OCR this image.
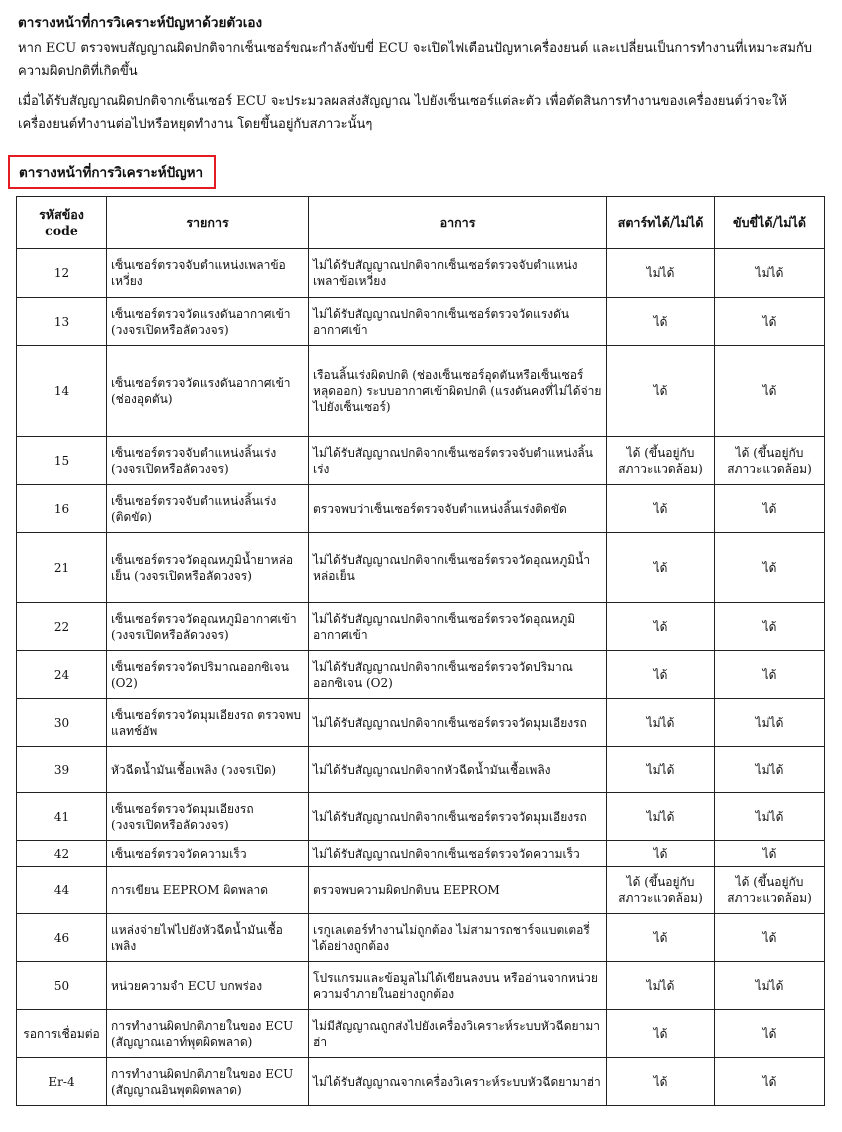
ตารางหน้าที่การวิเคราะห์ปัญหาด้วยตัวเอง

หาก ECU ตรวจพบสัญญาณผิดปกติจากเซ็นเซอร์ขณะกำลังขับขี่ ECU จะเปิดไฟเตือนปัญหาเครื่องยนต์ และเปลี่ยนเป็นการทำงานที่เหมาะสมกับความผิดปกติที่เกิดขึ้น

เมื่อได้รับสัญญาณผิดปกติจากเซ็นเซอร์ ECU จะประมวลผลส่งสัญญาณ ไปยังเซ็นเซอร์แต่ละตัว เพื่อตัดสินการทำงานของเครื่องยนต์ว่าจะให้เครื่องยนต์ทำงานต่อไปหรือหยุดทำงาน โดยขึ้นอยู่กับสภาวะนั้นๆ

ตารางหน้าที่การวิเคราะห์ปัญหา
รหัสข้อง code	รายการ	อาการ	สตาร์ทได้/ไม่ได้	ขับขี่ได้/ไม่ได้
12	เซ็นเซอร์ตรวจจับตำแหน่งเพลาข้อเหวี่ยง	ไม่ได้รับสัญญาณปกติจากเซ็นเซอร์ตรวจจับตำแหน่งเพลาข้อเหวี่ยง	ไม่ได้	ไม่ได้
13	เซ็นเซอร์ตรวจวัดแรงดันอากาศเข้า (วงจรเปิดหรือลัดวงจร)	ไม่ได้รับสัญญาณปกติจากเซ็นเซอร์ตรวจวัดแรงดันอากาศเข้า	ได้	ได้
14	เซ็นเซอร์ตรวจวัดแรงดันอากาศเข้า (ช่องอุดตัน)	เรือนลิ้นเร่งผิดปกติ (ช่องเซ็นเซอร์อุดตันหรือเซ็นเซอร์หลุดออก) ระบบอากาศเข้าผิดปกติ (แรงดันคงที่ไม่ได้จ่ายไปยังเซ็นเซอร์)	ได้	ได้
15	เซ็นเซอร์ตรวจจับตำแหน่งลิ้นเร่ง (วงจรเปิดหรือลัดวงจร)	ไม่ได้รับสัญญาณปกติจากเซ็นเซอร์ตรวจจับตำแหน่งลิ้นเร่ง	ได้ (ขึ้นอยู่กับสภาวะแวดล้อม)	ได้ (ขึ้นอยู่กับสภาวะแวดล้อม)
16	เซ็นเซอร์ตรวจจับตำแหน่งลิ้นเร่ง (ติดขัด)	ตรวจพบว่าเซ็นเซอร์ตรวจจับตำแหน่งลิ้นเร่งติดขัด	ได้	ได้
21	เซ็นเซอร์ตรวจวัดอุณหภูมิน้ำยาหล่อเย็น (วงจรเปิดหรือลัดวงจร)	ไม่ได้รับสัญญาณปกติจากเซ็นเซอร์ตรวจวัดอุณหภูมิน้ำหล่อเย็น	ได้	ได้
22	เซ็นเซอร์ตรวจวัดอุณหภูมิอากาศเข้า (วงจรเปิดหรือลัดวงจร)	ไม่ได้รับสัญญาณปกติจากเซ็นเซอร์ตรวจวัดอุณหภูมิอากาศเข้า	ได้	ได้
24	เซ็นเซอร์ตรวจวัดปริมาณออกซิเจน (O2)	ไม่ได้รับสัญญาณปกติจากเซ็นเซอร์ตรวจวัดปริมาณออกซิเจน (O2)	ได้	ได้
30	เซ็นเซอร์ตรวจวัดมุมเอียงรถ ตรวจพบแลทช์อัพ	ไม่ได้รับสัญญาณปกติจากเซ็นเซอร์ตรวจวัดมุมเอียงรถ	ไม่ได้	ไม่ได้
39	หัวฉีดน้ำมันเชื้อเพลิง (วงจรเปิด)	ไม่ได้รับสัญญาณปกติจากหัวฉีดน้ำมันเชื้อเพลิง	ไม่ได้	ไม่ได้
41	เซ็นเซอร์ตรวจวัดมุมเอียงรถ (วงจรเปิดหรือลัดวงจร)	ไม่ได้รับสัญญาณปกติจากเซ็นเซอร์ตรวจวัดมุมเอียงรถ	ไม่ได้	ไม่ได้
42	เซ็นเซอร์ตรวจวัดความเร็ว	ไม่ได้รับสัญญาณปกติจากเซ็นเซอร์ตรวจวัดความเร็ว	ได้	ได้
44	การเขียน EEPROM ผิดพลาด	ตรวจพบความผิดปกติบน EEPROM	ได้ (ขึ้นอยู่กับสภาวะแวดล้อม)	ได้ (ขึ้นอยู่กับสภาวะแวดล้อม)
46	แหล่งจ่ายไฟไปยังหัวฉีดน้ำมันเชื้อเพลิง	เรกูเลเตอร์ทำงานไม่ถูกต้อง ไม่สามารถชาร์จแบตเตอรี่ได้อย่างถูกต้อง	ได้	ได้
50	หน่วยความจำ ECU บกพร่อง	โปรแกรมและข้อมูลไม่ได้เขียนลงบน หรืออ่านจากหน่วยความจำภายในอย่างถูกต้อง	ไม่ได้	ไม่ได้
รอการเชื่อมต่อ	การทำงานผิดปกติภายในของ ECU (สัญญาณเอาท์พุตผิดพลาด)	ไม่มีสัญญาณถูกส่งไปยังเครื่องวิเคราะห์ระบบหัวฉีดยามาฮ่า	ได้	ได้
Er-4	การทำงานผิดปกติภายในของ ECU (สัญญาณอินพุตผิดพลาด)	ไม่ได้รับสัญญาณจากเครื่องวิเคราะห์ระบบหัวฉีดยามาฮ่า	ได้	ได้
